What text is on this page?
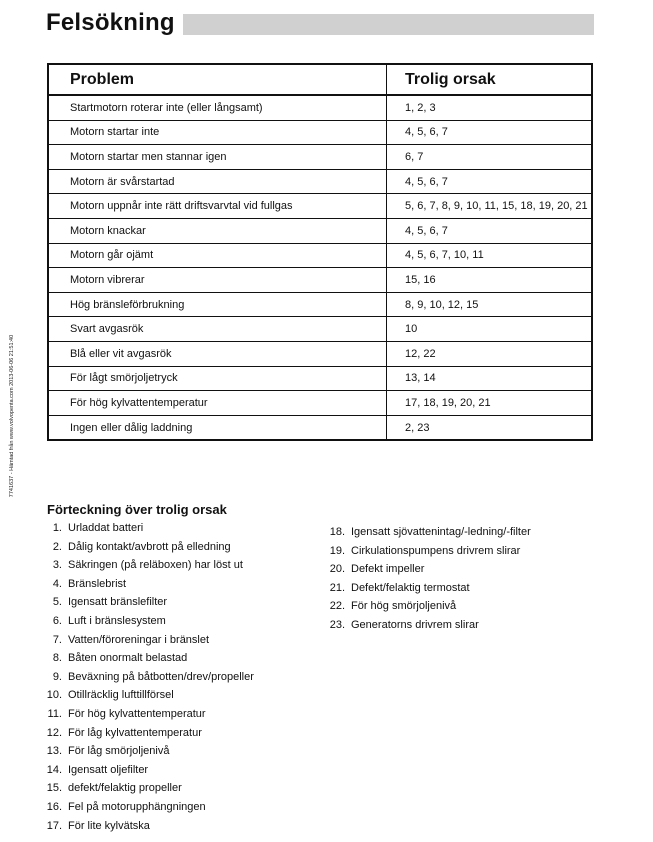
Felsökning
7741637 - Hämtad från www.volvopenta.com 2013-06-06 21:51:40
Problem	Trolig orsak
Startmotorn roterar inte (eller långsamt)	1, 2, 3
Motorn startar inte	4, 5, 6, 7
Motorn startar men stannar igen	6, 7
Motorn är svårstartad	4, 5, 6, 7
Motorn uppnår inte rätt driftsvarvtal vid fullgas	5, 6, 7, 8, 9, 10, 11, 15, 18, 19, 20, 21
Motorn knackar	4, 5, 6, 7
Motorn går ojämt	4, 5, 6, 7, 10, 11
Motorn vibrerar	15, 16
Hög bränsleförbrukning	8, 9, 10, 12, 15
Svart avgasrök	10
Blå eller vit avgasrök	12, 22
För lågt smörjoljetryck	13, 14
För hög kylvattentemperatur	17, 18, 19, 20, 21
Ingen eller dålig laddning	2, 23
Förteckning över trolig orsak
1. Urladdat batteri
2. Dålig kontakt/avbrott på elledning
3. Säkringen (på reläboxen) har löst ut
4. Bränslebrist
5. Igensatt bränslefilter
6. Luft i bränslesystem
7. Vatten/föroreningar i bränslet
8. Båten onormalt belastad
9. Beväxning på båtbotten/drev/propeller
10. Otillräcklig lufttillförsel
11. För hög kylvattentemperatur
12. För låg kylvattentemperatur
13. För låg smörjoljenivå
14. Igensatt oljefilter
15. defekt/felaktig propeller
16. Fel på motorupphängningen
17. För lite kylvätska
18. Igensatt sjövattenintag/-ledning/-filter
19. Cirkulationspumpens drivrem slirar
20. Defekt impeller
21. Defekt/felaktig termostat
22. För hög smörjoljenivå
23. Generatorns drivrem slirar
